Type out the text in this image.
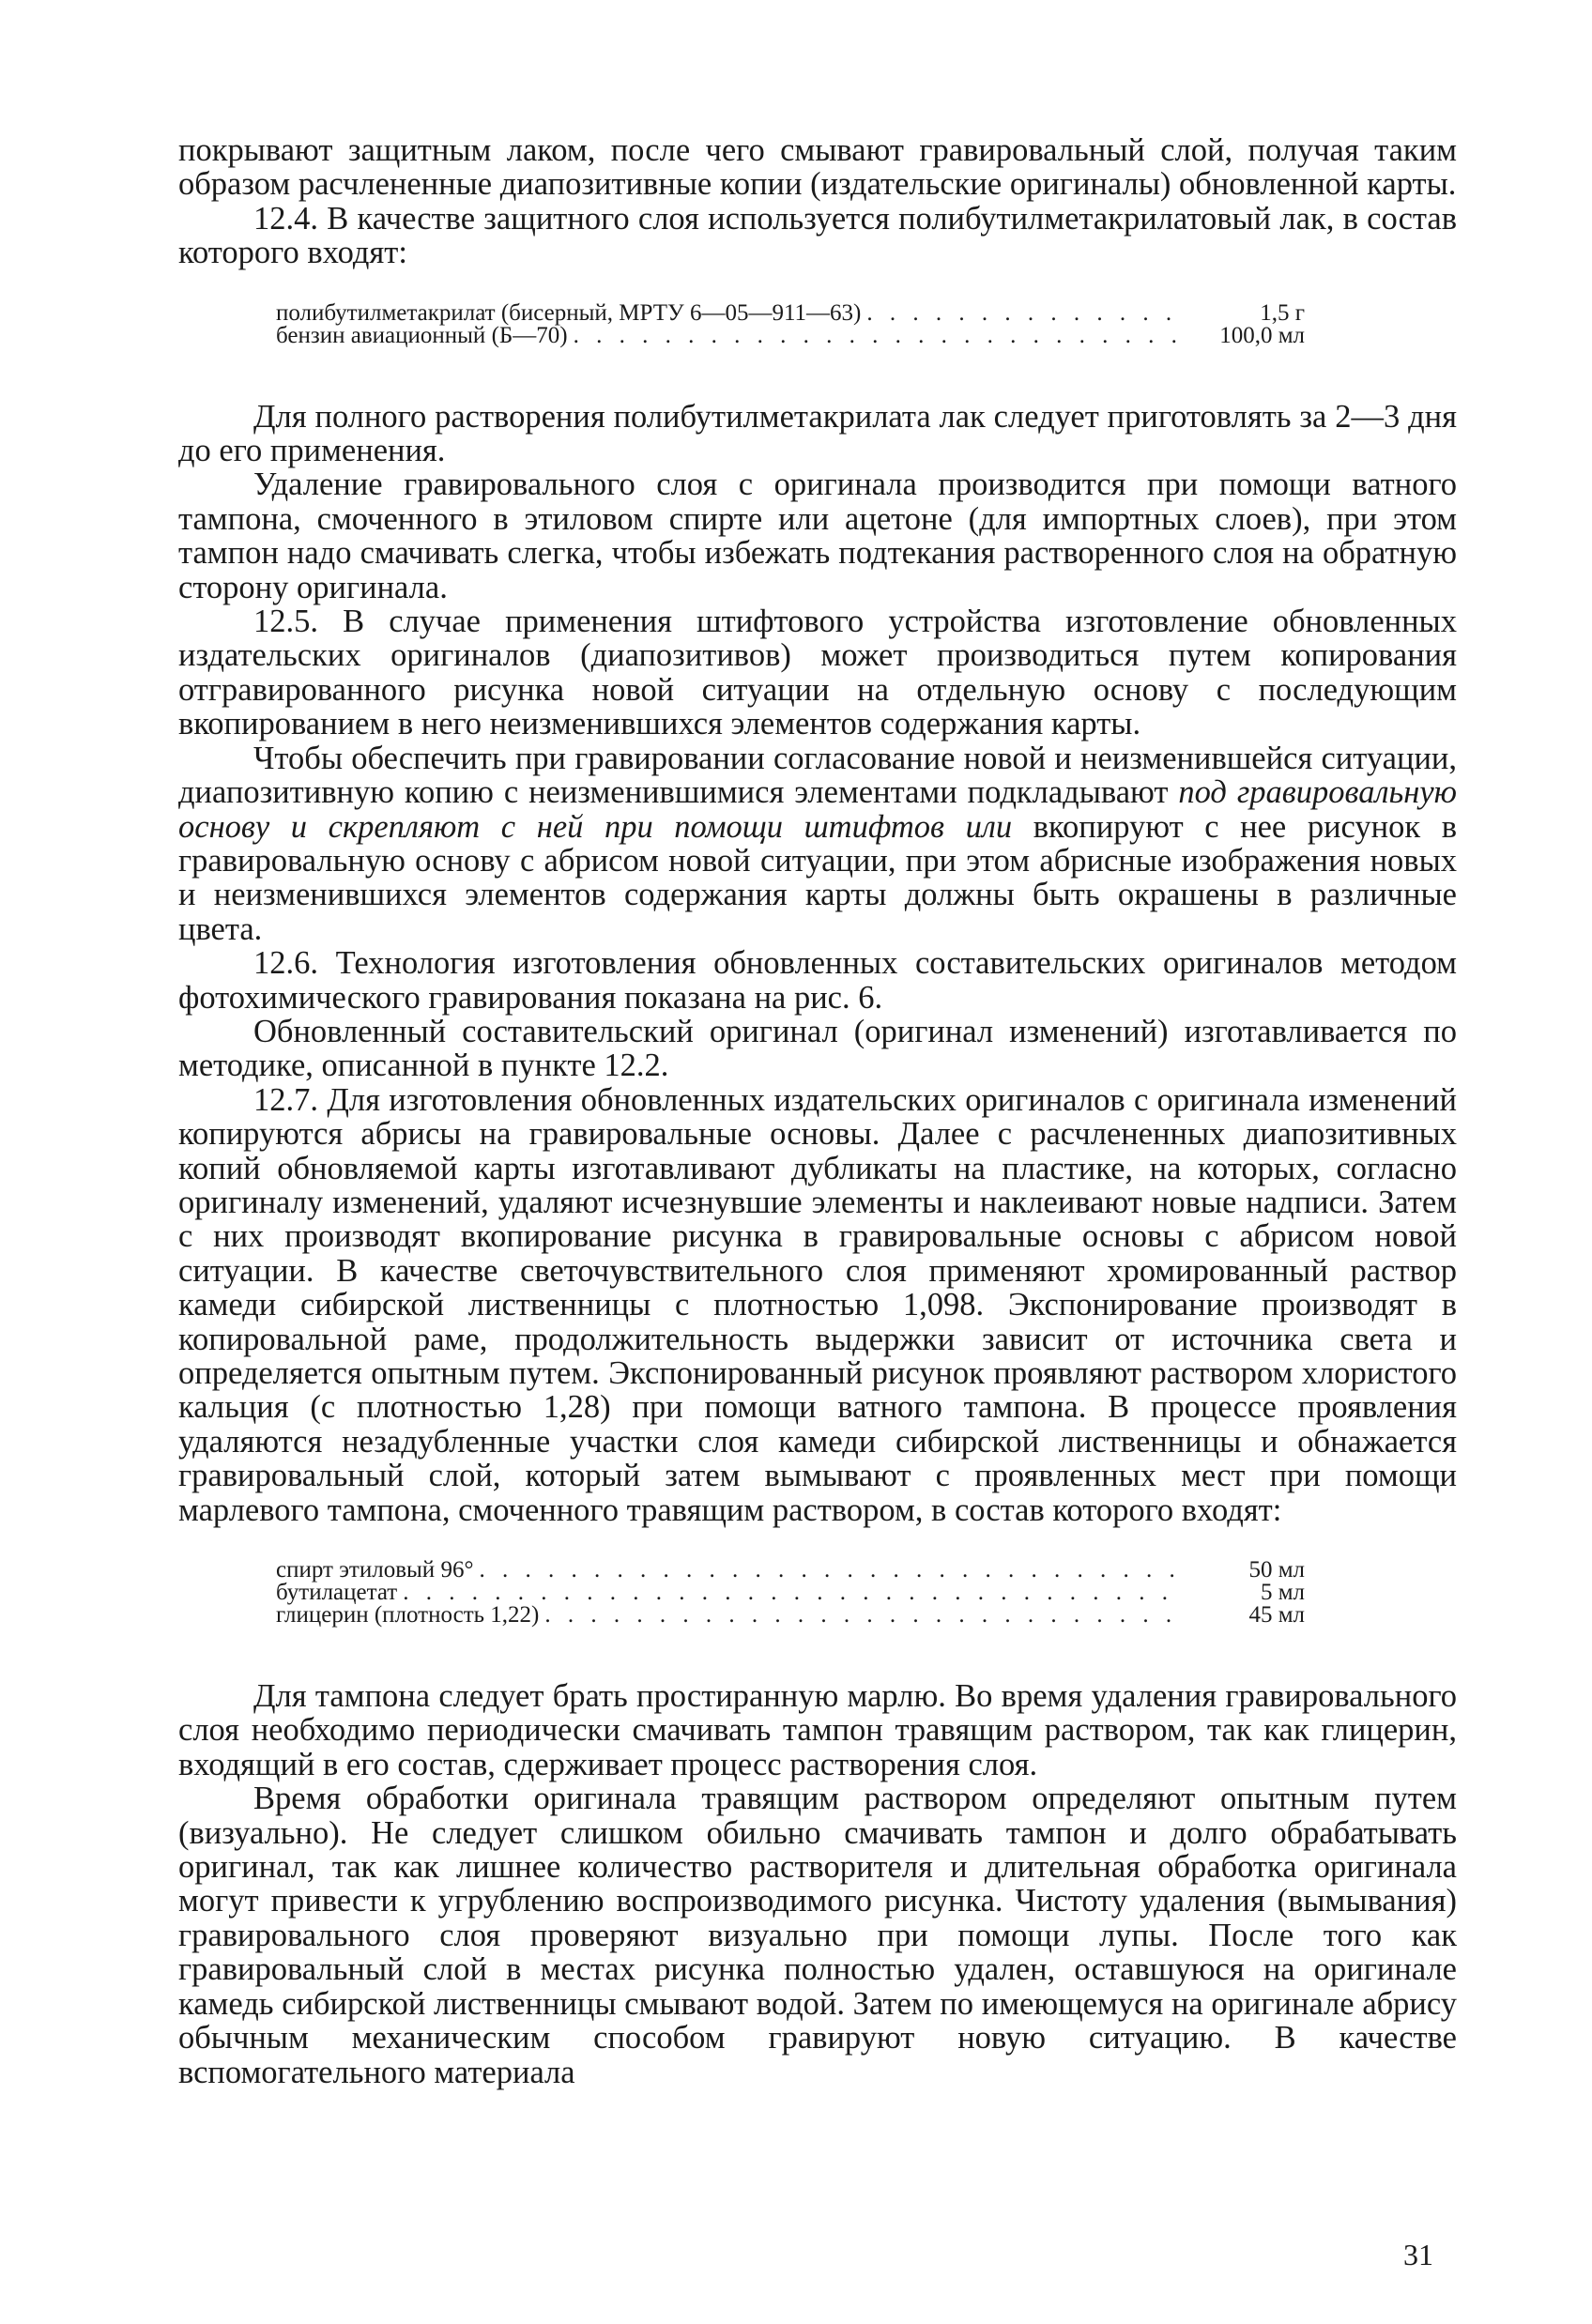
покрывают защитным лаком, после чего смывают гравировальный слой, получая таким образом расчлененные диапозитивные копии (издательские оригиналы) обновленной карты.

12.4. В качестве защитного слоя используется полибутилметакрилатовый лак, в состав которого входят:

полибутилметакрилат (бисерный, МРТУ 6—05—911—63) . . .	1,5 г
бензин авиационный (Б—70) . . .	100,0 мл

Для полного растворения полибутилметакрилата лак следует приготовлять за 2—3 дня до его применения.

Удаление гравировального слоя с оригинала производится при помощи ватного тампона, смоченного в этиловом спирте или ацетоне (для импортных слоев), при этом тампон надо смачивать слегка, чтобы избежать подтекания растворенного слоя на обратную сторону оригинала.

12.5. В случае применения штифтового устройства изготовление обновленных издательских оригиналов (диапозитивов) может производиться путем копирования отгравированного рисунка новой ситуации на отдельную основу с последующим вкопированием в него неизменившихся элементов содержания карты.

Чтобы обеспечить при гравировании согласование новой и неизменившейся ситуации, диапозитивную копию с неизменившимися элементами подкладывают под гравировальную основу и скрепляют с ней при помощи штифтов или вкопируют с нее рисунок в гравировальную основу с абрисом новой ситуации, при этом абрисные изображения новых и неизменившихся элементов содержания карты должны быть окрашены в различные цвета.

12.6. Технология изготовления обновленных составительских оригиналов методом фотохимического гравирования показана на рис. 6.

Обновленный составительский оригинал (оригинал изменений) изготавливается по методике, описанной в пункте 12.2.

12.7. Для изготовления обновленных издательских оригиналов с оригинала изменений копируются абрисы на гравировальные основы. Далее с расчлененных диапозитивных копий обновляемой карты изготавливают дубликаты на пластике, на которых, согласно оригиналу изменений, удаляют исчезнувшие элементы и наклеивают новые надписи. Затем с них производят вкопирование рисунка в гравировальные основы с абрисом новой ситуации. В качестве светочувствительного слоя применяют хромированный раствор камеди сибирской лиственницы с плотностью 1,098. Экспонирование производят в копировальной раме, продолжительность выдержки зависит от источника света и определяется опытным путем. Экспонированный рисунок проявляют раствором хлористого кальция (с плотностью 1,28) при помощи ватного тампона. В процессе проявления удаляются незадубленные участки слоя камеди сибирской лиственницы и обнажается гравировальный слой, который затем вымывают с проявленных мест при помощи марлевого тампона, смоченного травящим раствором, в состав которого входят:

спирт этиловый 96° . . .	50 мл
бутилацетат . . .	5 мл
глицерин (плотность 1,22) . . .	45 мл

Для тампона следует брать простиранную марлю. Во время удаления гравировального слоя необходимо периодически смачивать тампон травящим раствором, так как глицерин, входящий в его состав, сдерживает процесс растворения слоя.

Время обработки оригинала травящим раствором определяют опытным путем (визуально). Не следует слишком обильно смачивать тампон и долго обрабатывать оригинал, так как лишнее количество растворителя и длительная обработка оригинала могут привести к угрублению воспроизводимого рисунка. Чистоту удаления (вымывания) гравировального слоя проверяют визуально при помощи лупы. После того как гравировальный слой в местах рисунка полностью удален, оставшуюся на оригинале камедь сибирской лиственницы смывают водой. Затем по имеющемуся на оригинале абрису обычным механическим способом гравируют новую ситуацию. В качестве вспомогательного материала

31
